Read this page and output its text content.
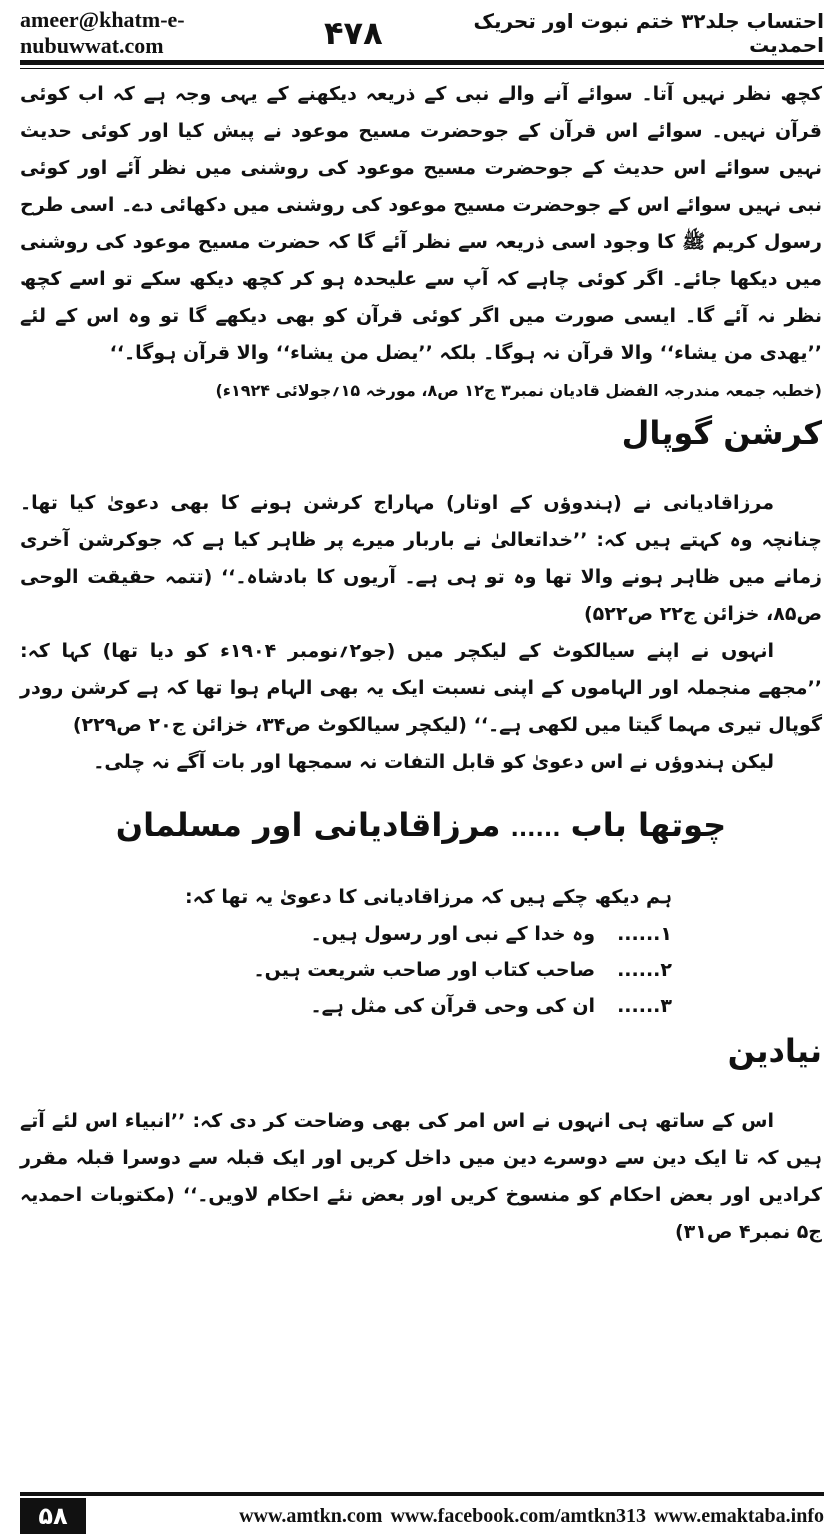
ameer@khatm-e-nubuwwat.com
احتساب جلد۳۲ ختم نبوت اور تحریک احمدیت
۴۷۸

کچھ نظر نہیں آتا۔ سوائے آنے والے نبی کے ذریعہ دیکھنے کے یہی وجہ ہے کہ اب کوئی قرآن نہیں۔ سوائے اس قرآن کے جوحضرت مسیح موعود نے پیش کیا اور کوئی حدیث نہیں سوائے اس حدیث کے جوحضرت مسیح موعود کی روشنی میں نظر آئے اور کوئی نبی نہیں سوائے اس کے جوحضرت مسیح موعود کی روشنی میں دکھائی دے۔ اسی طرح رسول کریم ﷺ کا وجود اسی ذریعہ سے نظر آئے گا کہ حضرت مسیح موعود کی روشنی میں دیکھا جائے۔ اگر کوئی چاہے کہ آپ سے علیحدہ ہو کر کچھ دیکھ سکے تو اسے کچھ نظر نہ آئے گا۔ ایسی صورت میں اگر کوئی قرآن کو بھی دیکھے گا تو وہ اس کے لئے ’’یھدی من یشاء‘‘ والا قرآن نہ ہوگا۔ بلکہ ’’یضل من یشاء‘‘ والا قرآن ہوگا۔‘‘

(خطبہ جمعہ مندرجہ الفضل قادیان نمبر۳ ج۱۲ ص۸، مورخہ ۱۵؍جولائی ۱۹۲۴ء)

کرشن گوپال

مرزاقادیانی نے (ہندوؤں کے اوتار) مہاراج کرشن ہونے کا بھی دعویٰ کیا تھا۔ چنانچہ وہ کہتے ہیں کہ: ’’خداتعالیٰ نے باربار میرے پر ظاہر کیا ہے کہ جوکرشن آخری زمانے میں ظاہر ہونے والا تھا وہ تو ہی ہے۔ آریوں کا بادشاہ۔‘‘ (تتمہ حقیقت الوحی ص۸۵، خزائن ج۲۲ ص۵۲۲)

انہوں نے اپنے سیالکوٹ کے لیکچر میں (جو۲؍نومبر ۱۹۰۴ء کو دیا تھا) کہا کہ: ’’مجھے منجملہ اور الہاموں کے اپنی نسبت ایک یہ بھی الہام ہوا تھا کہ ہے کرشن رودر گوپال تیری مہما گیتا میں لکھی ہے۔‘‘ (لیکچر سیالکوٹ ص۳۴، خزائن ج۲۰ ص۲۲۹)

لیکن ہندوؤں نے اس دعویٰ کو قابل التفات نہ سمجھا اور بات آگے نہ چلی۔

چوتھا باب......مرزاقادیانی اور مسلمان

ہم دیکھ چکے ہیں کہ مرزاقادیانی کا دعویٰ یہ تھا کہ:

۱......
وہ خدا کے نبی اور رسول ہیں۔
۲......
صاحب کتاب اور صاحب شریعت ہیں۔
۳......
ان کی وحی قرآن کی مثل ہے۔
نیادین

اس کے ساتھ ہی انہوں نے اس امر کی بھی وضاحت کر دی کہ: ’’انبیاء اس لئے آتے ہیں کہ تا ایک دین سے دوسرے دین میں داخل کریں اور ایک قبلہ سے دوسرا قبلہ مقرر کرادیں اور بعض احکام کو منسوخ کریں اور بعض نئے احکام لاویں۔‘‘ (مکتوبات احمدیہ ج۵ نمبر۴ ص۳۱)

۵۸	www.amtkn.com www.facebook.com/amtkn313 www.emaktaba.info
